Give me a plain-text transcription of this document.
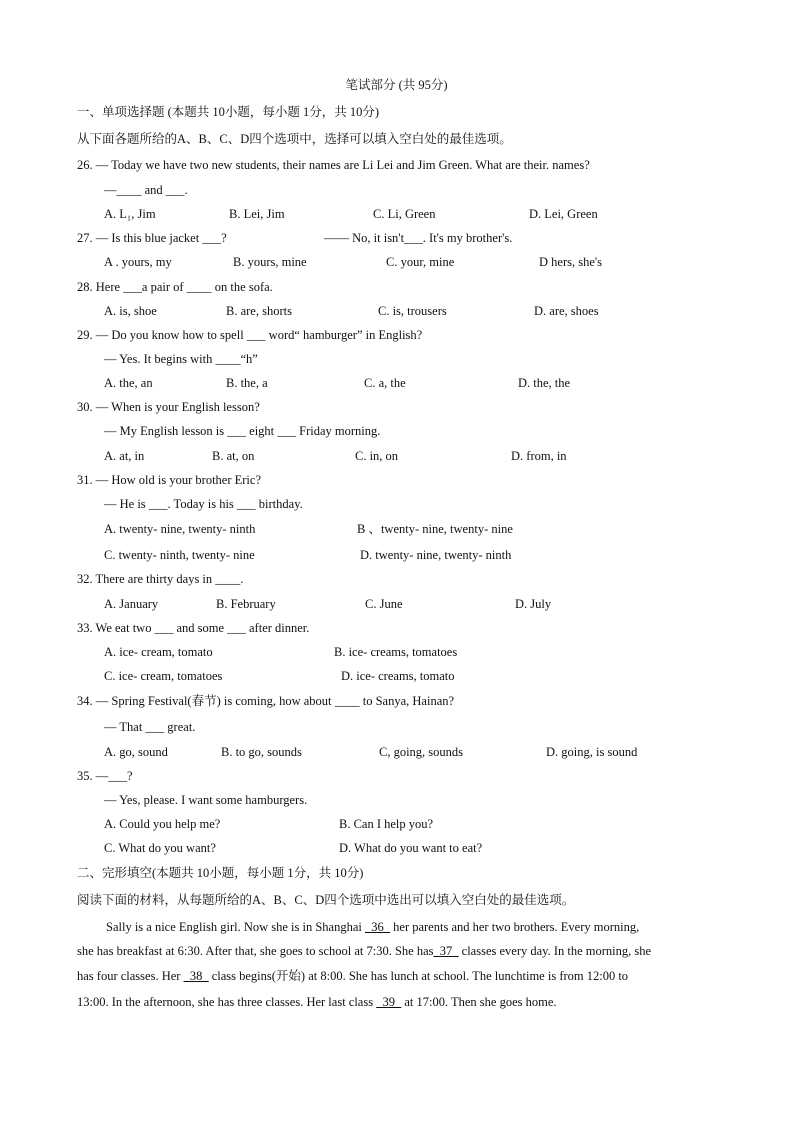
笔试部分 (共 95分)
一、单项选择题 (本题共 10小题，每小题 1分，共 10分)
从下面各题所给的A、B、C、D四个选项中，选择可以填入空白处的最佳选项。
26. — Today we have two new students, their names are Li Lei and Jim Green. What are their. names?
—____ and ___.
A. L₁, Jim	B. Lei, Jim	C. Li, Green	D. Lei, Green
27. — Is this blue jacket ___?	—— No, it isn't___. It's my brother's.
A . yours, my	B. yours, mine	C. your, mine	D hers, she's
28. Here ___a pair of ____ on the sofa.
A. is, shoe	B. are, shorts	C. is, trousers	D. are, shoes
29. — Do you know how to spell ___ word“ hamburger” in English?
— Yes. It begins with ____“h”
A. the, an	B. the, a	C. a, the	D. the, the
30. — When is your English lesson?
— My English lesson is ___ eight ___ Friday morning.
A. at, in	B. at, on	C. in, on	D. from, in
31. — How old is your brother Eric?
— He is ___. Today is his ___ birthday.
A. twenty- nine, twenty- ninth	B 、twenty- nine, twenty- nine
C. twenty- ninth, twenty- nine	D. twenty- nine, twenty- ninth
32. There are thirty days in ____.
A. January	B. February	C. June	D. July
33. We eat two ___ and some ___ after dinner.
A. ice- cream, tomato	B. ice- creams, tomatoes
C. ice- cream, tomatoes	D. ice- creams, tomato
34. — Spring Festival(春节) is coming, how about ____ to Sanya, Hainan?
— That ___ great.
A. go, sound	B. to go, sounds	C, going, sounds	D. going, is sound
35. —___?
— Yes, please. I want some hamburgers.
A. Could you help me?	B. Can I help you?
C. What do you want?	D. What do you want to eat?
二、完形填空(本题共 10小题，每小题 1分，共 10分)
阅读下面的材料，从每题所给的A、B、C、D四个选项中选出可以填入空白处的最佳选项。
Sally is a nice English girl. Now she is in Shanghai _36_ her parents and her two brothers. Every morning,
she has breakfast at 6:30. After that, she goes to school at 7:30. She has_37_ classes every day. In the morning, she
has four classes. Her _38_ class begins(开始) at 8:00. She has lunch at school. The lunchtime is from 12:00 to
13:00. In the afternoon, she has three classes. Her last class _39_ at 17:00. Then she goes home.
